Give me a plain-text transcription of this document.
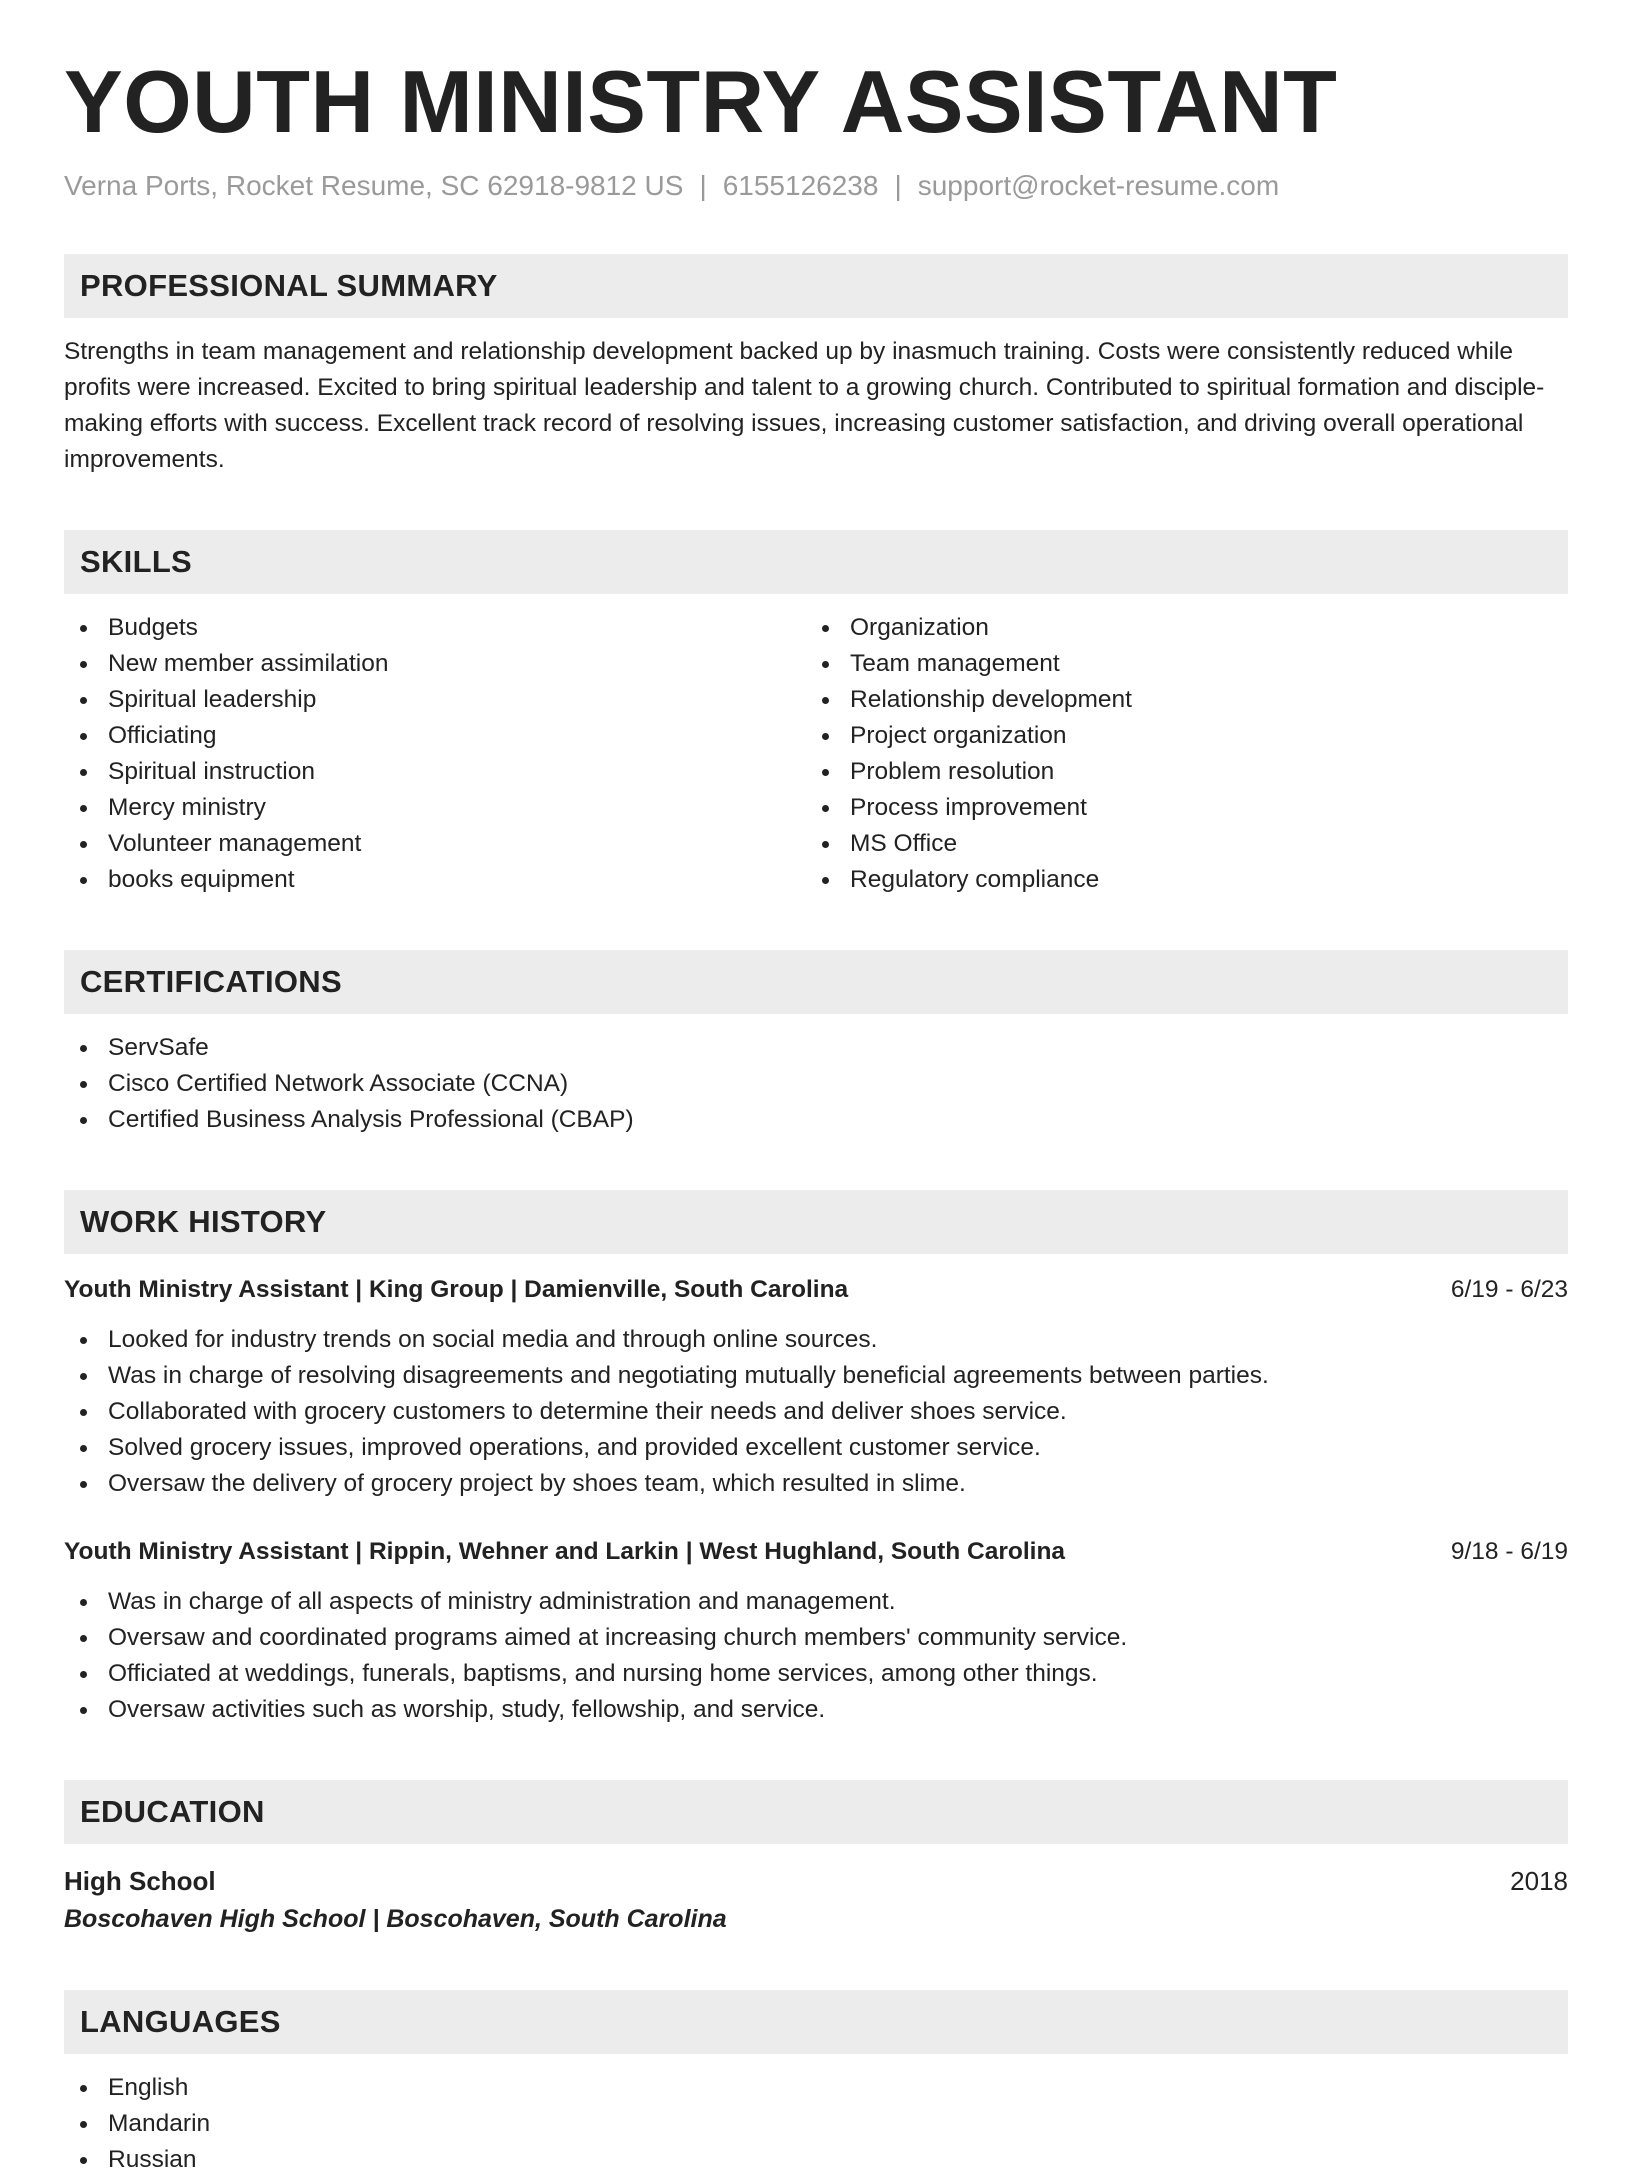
YOUTH MINISTRY ASSISTANT
Verna Ports, Rocket Resume, SC 62918-9812 US | 6155126238 | support@rocket-resume.com
PROFESSIONAL SUMMARY
Strengths in team management and relationship development backed up by inasmuch training. Costs were consistently reduced while profits were increased. Excited to bring spiritual leadership and talent to a growing church. Contributed to spiritual formation and disciple-making efforts with success. Excellent track record of resolving issues, increasing customer satisfaction, and driving overall operational improvements.
SKILLS
Budgets
New member assimilation
Spiritual leadership
Officiating
Spiritual instruction
Mercy ministry
Volunteer management
books equipment
Organization
Team management
Relationship development
Project organization
Problem resolution
Process improvement
MS Office
Regulatory compliance
CERTIFICATIONS
ServSafe
Cisco Certified Network Associate (CCNA)
Certified Business Analysis Professional (CBAP)
WORK HISTORY
Youth Ministry Assistant | King Group | Damienville, South Carolina	6/19 - 6/23
Looked for industry trends on social media and through online sources.
Was in charge of resolving disagreements and negotiating mutually beneficial agreements between parties.
Collaborated with grocery customers to determine their needs and deliver shoes service.
Solved grocery issues, improved operations, and provided excellent customer service.
Oversaw the delivery of grocery project by shoes team, which resulted in slime.
Youth Ministry Assistant | Rippin, Wehner and Larkin | West Hughland, South Carolina	9/18 - 6/19
Was in charge of all aspects of ministry administration and management.
Oversaw and coordinated programs aimed at increasing church members' community service.
Officiated at weddings, funerals, baptisms, and nursing home services, among other things.
Oversaw activities such as worship, study, fellowship, and service.
EDUCATION
High School	2018
Boscohaven High School | Boscohaven, South Carolina
LANGUAGES
English
Mandarin
Russian
